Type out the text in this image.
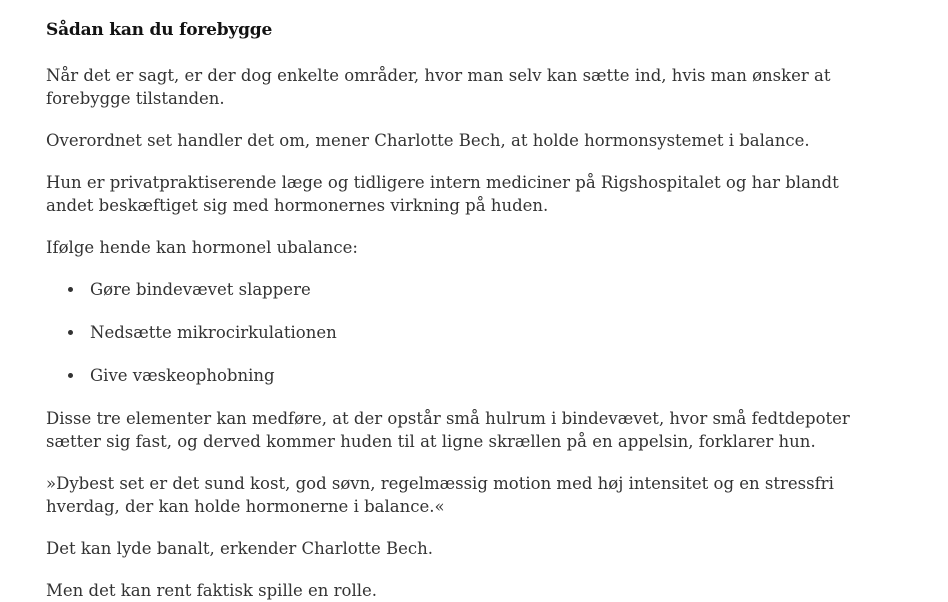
Sådan kan du forebygge

Når det er sagt, er der dog enkelte områder, hvor man selv kan sætte ind, hvis man ønsker at forebygge tilstanden.

Overordnet set handler det om, mener Charlotte Bech, at holde hormonsystemet i balance.

Hun er privatpraktiserende læge og tidligere intern mediciner på Rigshospitalet og har blandt andet beskæftiget sig med hormonernes virkning på huden.

Ifølge hende kan hormonel ubalance:

Gøre bindevævet slappere
Nedsætte mikrocirkulationen
Give væskeophobning

Disse tre elementer kan medføre, at der opstår små hulrum i bindevævet, hvor små fedtdepoter sætter sig fast, og derved kommer huden til at ligne skrællen på en appelsin, forklarer hun.

»Dybest set er det sund kost, god søvn, regelmæssig motion med høj intensitet og en stressfri hverdag, der kan holde hormonerne i balance.«

Det kan lyde banalt, erkender Charlotte Bech.

Men det kan rent faktisk spille en rolle.
